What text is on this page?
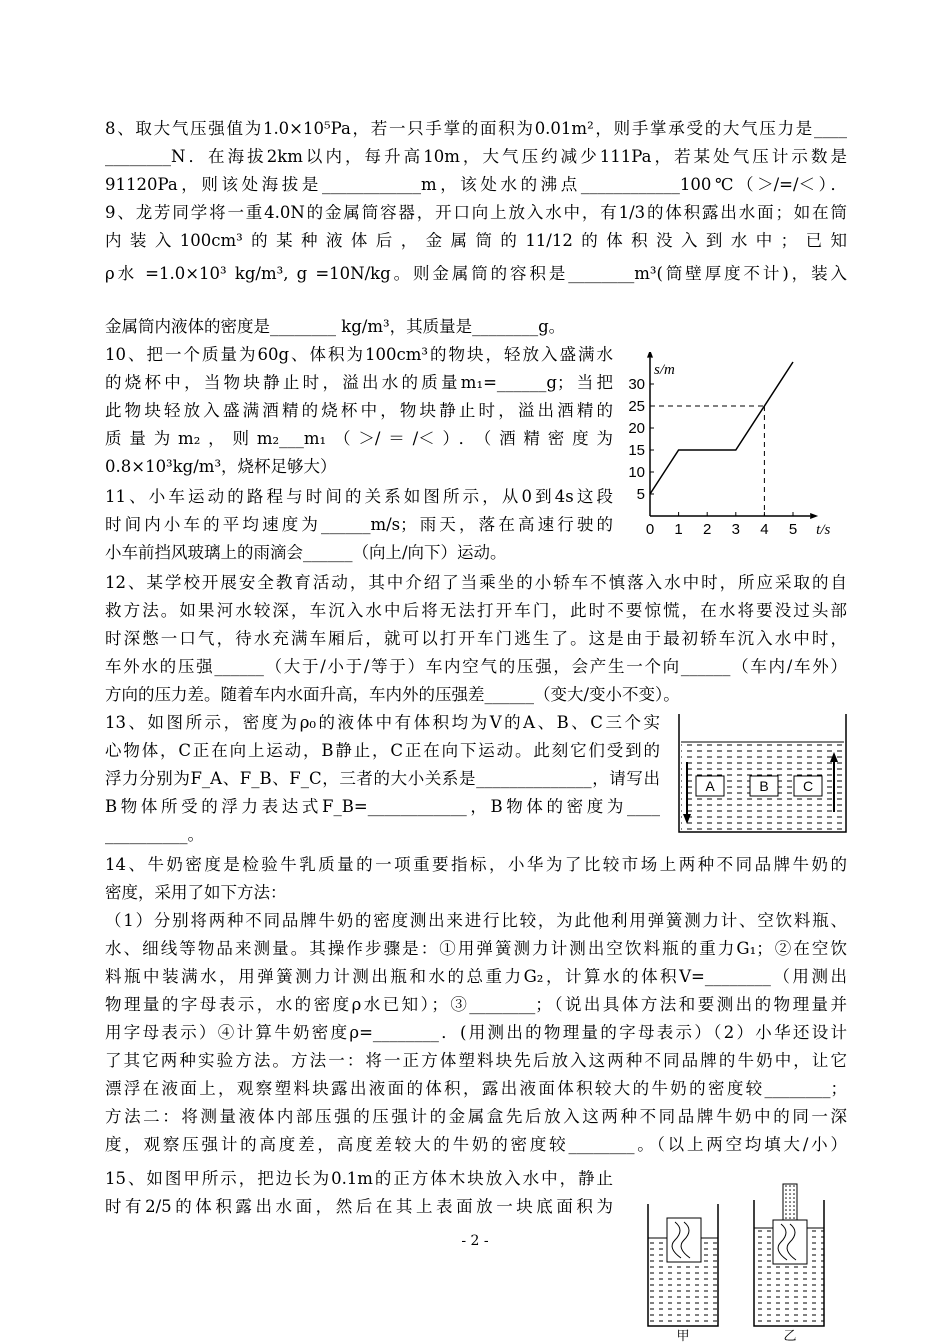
8、取大气压强值为1.0×10⁵Pa，若一只手掌的面积为0.01m²，则手掌承受的大气压力是____
________N．在海拔2km以内，每升高10m，大气压约减少111Pa，若某处气压计示数是
91120Pa，则该处海拔是____________m，该处水的沸点____________100℃（＞/=/＜）．
9、龙芳同学将一重4.0N的金属筒容器，开口向上放入水中，有1/3的体积露出水面；如在筒
内装入100cm³的某种液体后，金属筒的11/12的体积没入到水中；已知
ρ水 =1.0×10³ kg/m³, g =10N/kg。则金属筒的容积是________m³(筒壁厚度不计)，装入
金属筒内液体的密度是________ kg/m³，其质量是________g。
10、把一个质量为60g、体积为100cm³的物块，轻放入盛满水
的烧杯中，当物块静止时，溢出水的质量m₁=______g；当把
此物块轻放入盛满酒精的烧杯中，物块静止时，溢出酒精的
质量为m₂，则m₂___m₁（＞/＝/＜）．（酒精密度为
0.8×10³kg/m³，烧杯足够大）
11、小车运动的路程与时间的关系如图所示，从0到4s这段
时间内小车的平均速度为______m/s；雨天，落在高速行驶的
小车前挡风玻璃上的雨滴会______（向上/向下）运动。
12、某学校开展安全教育活动，其中介绍了当乘坐的小轿车不慎落入水中时，所应采取的自
救方法。如果河水较深，车沉入水中后将无法打开车门，此时不要惊慌，在水将要没过头部
时深憋一口气，待水充满车厢后，就可以打开车门逃生了。这是由于最初轿车沉入水中时，
车外水的压强______（大于/小于/等于）车内空气的压强，会产生一个向______（车内/车外）
方向的压力差。随着车内水面升高，车内外的压强差______（变大/变小不变）。
13、如图所示，密度为ρ₀的液体中有体积均为V的A、B、C三个实
心物体，C正在向上运动，B静止，C正在向下运动。此刻它们受到的
浮力分别为F_A、F_B、F_C，三者的大小关系是______________，请写出
B物体所受的浮力表达式F_B=____________，B物体的密度为____
__________。
14、牛奶密度是检验牛乳质量的一项重要指标，小华为了比较市场上两种不同品牌牛奶的
密度，采用了如下方法：
（1）分别将两种不同品牌牛奶的密度测出来进行比较，为此他利用弹簧测力计、空饮料瓶、
水、细线等物品来测量。其操作步骤是：①用弹簧测力计测出空饮料瓶的重力G₁；②在空饮
料瓶中装满水，用弹簧测力计测出瓶和水的总重力G₂，计算水的体积V=________（用测出
物理量的字母表示，水的密度ρ水已知）；③________；（说出具体方法和要测出的物理量并
用字母表示）④计算牛奶密度ρ=________．(用测出的物理量的字母表示）（2）小华还设计
了其它两种实验方法。方法一：将一正方体塑料块先后放入这两种不同品牌的牛奶中，让它
漂浮在液面上，观察塑料块露出液面的体积，露出液面体积较大的牛奶的密度较________；
方法二：将测量液体内部压强的压强计的金属盒先后放入这两种不同品牌牛奶中的同一深
度，观察压强计的高度差，高度差较大的牛奶的密度较________。（以上两空均填大/小）
15、如图甲所示，把边长为0.1m的正方体木块放入水中，静止
时有2/5的体积露出水面，然后在其上表面放一块底面积为
- 2 -
5
10
15
20
25
30
0 1 2 3 4 5
s/m
t/s
A	B C
甲	乙
